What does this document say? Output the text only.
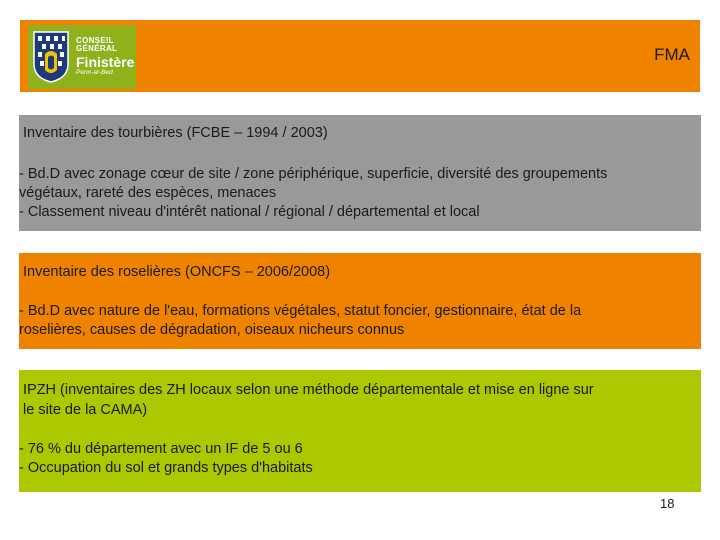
CONSEIL
GÉNÉRAL
Finistère
Penn-ar-Bed
FMA
Inventaire des tourbières (FCBE – 1994 / 2003)
- Bd.D avec zonage cœur de site / zone périphérique, superficie, diversité des groupements
végétaux, rareté des espèces, menaces
- Classement niveau d'intérêt national / régional / départemental et local
Inventaire des roselières (ONCFS – 2006/2008)
- Bd.D avec nature de l'eau, formations végétales, statut foncier, gestionnaire, état de la
roselières, causes de dégradation, oiseaux nicheurs connus
IPZH (inventaires des ZH locaux selon une méthode départementale et mise en ligne sur
le site de la CAMA)
- 76 % du département avec un IF de 5 ou 6
- Occupation du sol et grands types d'habitats
18
